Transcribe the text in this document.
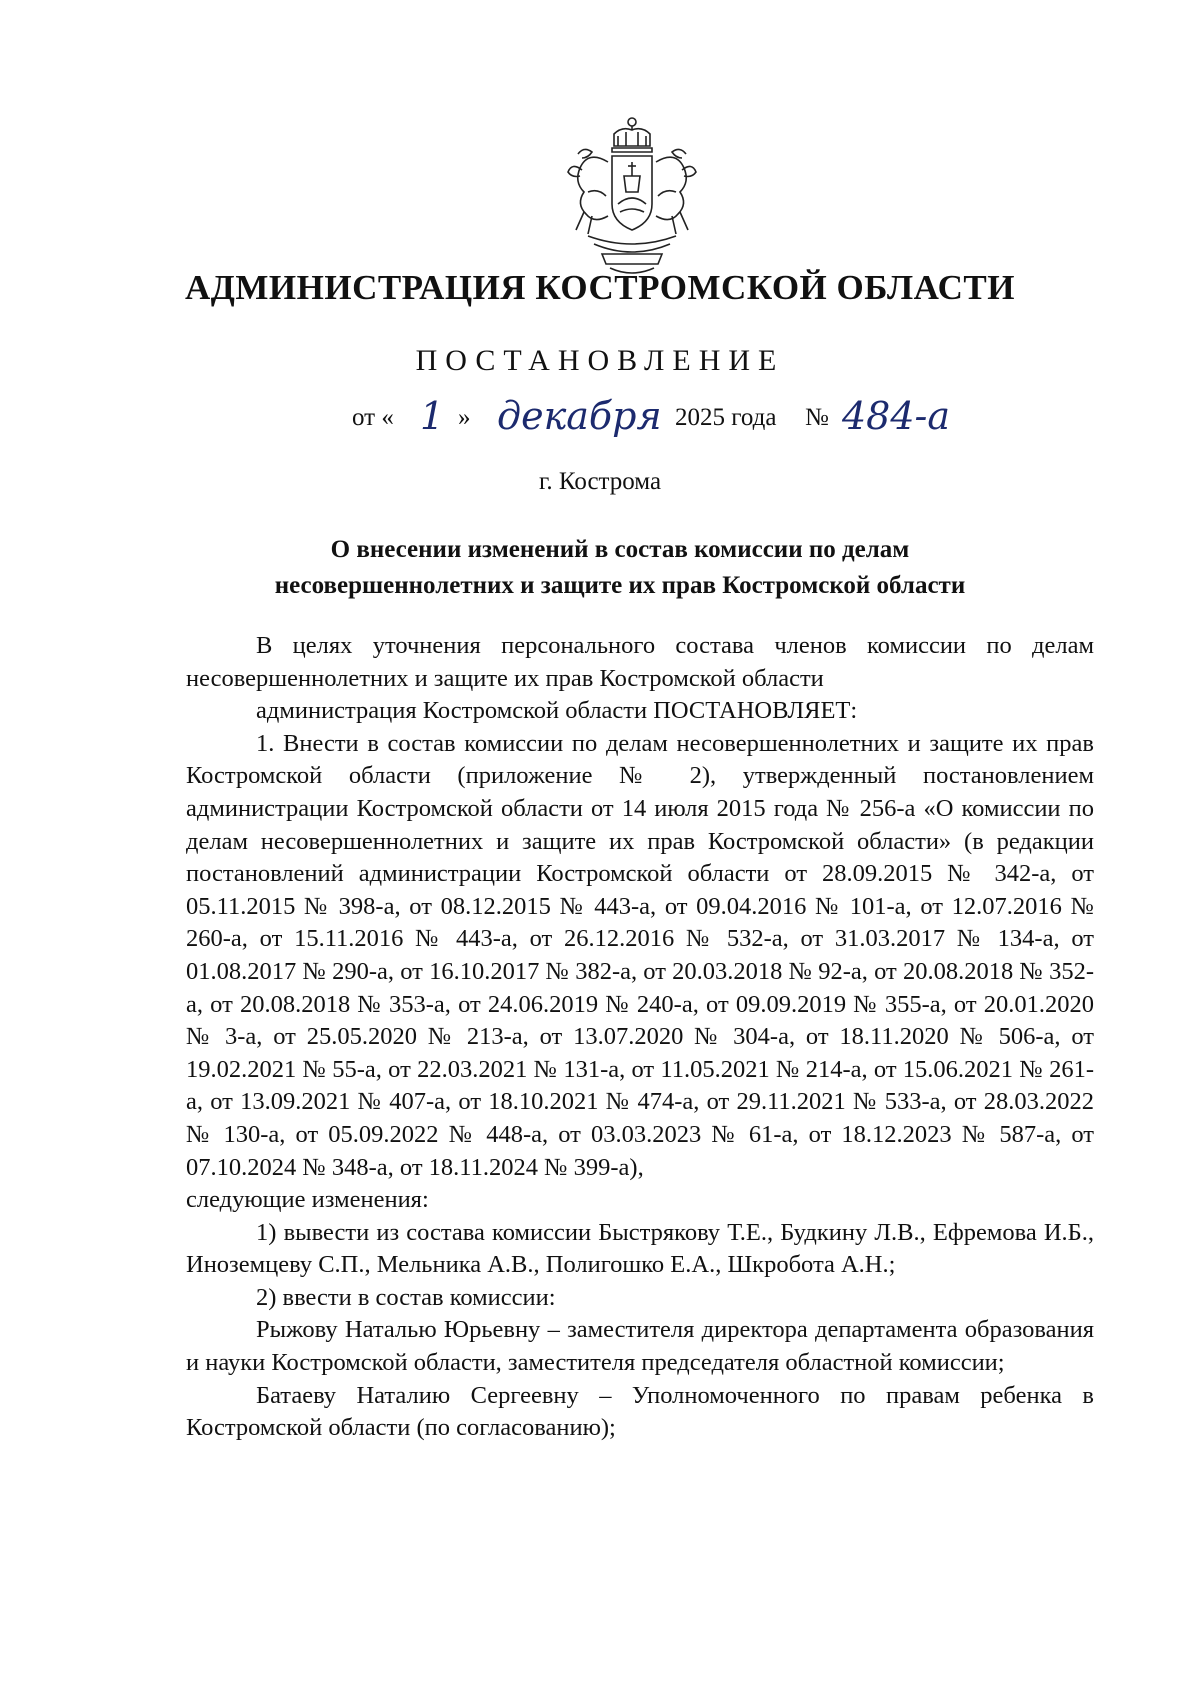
АДМИНИСТРАЦИЯ КОСТРОМСКОЙ ОБЛАСТИ
ПОСТАНОВЛЕНИЕ
от « 1 » декабря 2025 года № 484-а
г. Кострома
О внесении изменений в состав комиссии по делам
несовершеннолетних и защите их прав Костромской области

В целях уточнения персонального состава членов комиссии по делам несовершеннолетних и защите их прав Костромской области

администрация Костромской области ПОСТАНОВЛЯЕТ:

1. Внести в состав комиссии по делам несовершеннолетних и защите их прав Костромской области (приложение № 2), утвержденный постановлением администрации Костромской области от 14 июля 2015 года № 256-а «О комиссии по делам несовершеннолетних и защите их прав Костромской области» (в редакции постановлений администрации Костромской области от 28.09.2015 № 342-а, от 05.11.2015 № 398-а, от 08.12.2015 № 443-а, от 09.04.2016 № 101-а, от 12.07.2016 № 260-а, от 15.11.2016 № 443-а, от 26.12.2016 № 532-а, от 31.03.2017 № 134-а, от 01.08.2017 № 290-а, от 16.10.2017 № 382-а, от 20.03.2018 № 92-а, от 20.08.2018 № 352-а, от 20.08.2018 № 353-а, от 24.06.2019 № 240-а, от 09.09.2019 № 355-а, от 20.01.2020 № 3-а, от 25.05.2020 № 213-а, от 13.07.2020 № 304-а, от 18.11.2020 № 506-а, от 19.02.2021 № 55-а, от 22.03.2021 № 131-а, от 11.05.2021 № 214-а, от 15.06.2021 № 261-а, от 13.09.2021 № 407-а, от 18.10.2021 № 474-а, от 29.11.2021 № 533-а, от 28.03.2022 № 130-а, от 05.09.2022 № 448-а, от 03.03.2023 № 61-а, от 18.12.2023 № 587-а, от 07.10.2024 № 348-а, от 18.11.2024 № 399-а),

следующие изменения:

1) вывести из состава комиссии Быстрякову Т.Е., Будкину Л.В., Ефремова И.Б., Иноземцеву С.П., Мельника А.В., Полигошко Е.А., Шкробота А.Н.;

2) ввести в состав комиссии:

Рыжову Наталью Юрьевну – заместителя директора департамента образования и науки Костромской области, заместителя председателя областной комиссии;

Батаеву Наталию Сергеевну – Уполномоченного по правам ребенка в Костромской области (по согласованию);
